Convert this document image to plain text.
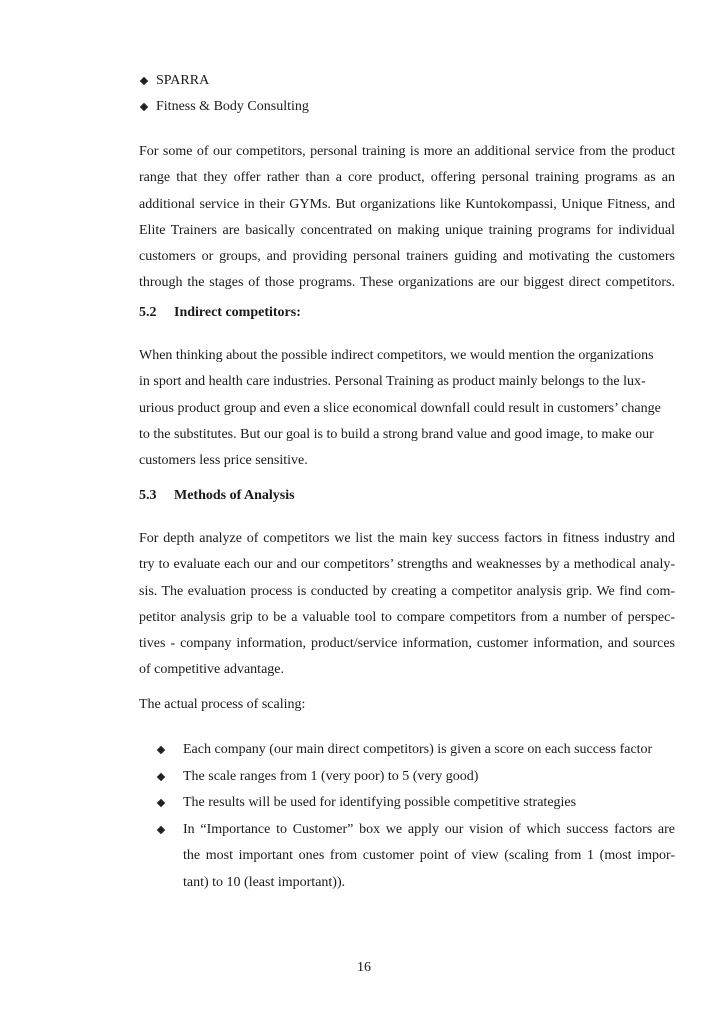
SPARRA
Fitness & Body Consulting
For some of our competitors, personal training is more an additional service from the product
range that they offer rather than a core product, offering personal training programs as an
additional service in their GYMs. But organizations like Kuntokompassi, Unique Fitness, and
Elite Trainers are basically concentrated on making unique training programs for individual
customers or groups, and providing personal trainers guiding and motivating the customers
through the stages of those programs. These organizations are our biggest direct competitors.
5.2	Indirect competitors:
When thinking about the possible indirect competitors, we would mention the organizations
in sport and health care industries. Personal Training as product mainly belongs to the lux-
urious product group and even a slice economical downfall could result in customers’ change
to the substitutes. But our goal is to build a strong brand value and good image, to make our
customers less price sensitive.
5.3	Methods of Analysis
For depth analyze of competitors we list the main key success factors in fitness industry and
try to evaluate each our and our competitors’ strengths and weaknesses by a methodical analy-
sis. The evaluation process is conducted by creating a competitor analysis grip. We find com-
petitor analysis grip to be a valuable tool to compare competitors from a number of perspec-
tives - company information, product/service information, customer information, and sources
of competitive advantage.
The actual process of scaling:
Each company (our main direct competitors) is given a score on each success factor
The scale ranges from 1 (very poor) to 5 (very good)
The results will be used for identifying possible competitive strategies
In “Importance to Customer” box we apply our vision of which success factors are
the most important ones from customer point of view (scaling from 1 (most impor-
tant) to 10 (least important)).
16
